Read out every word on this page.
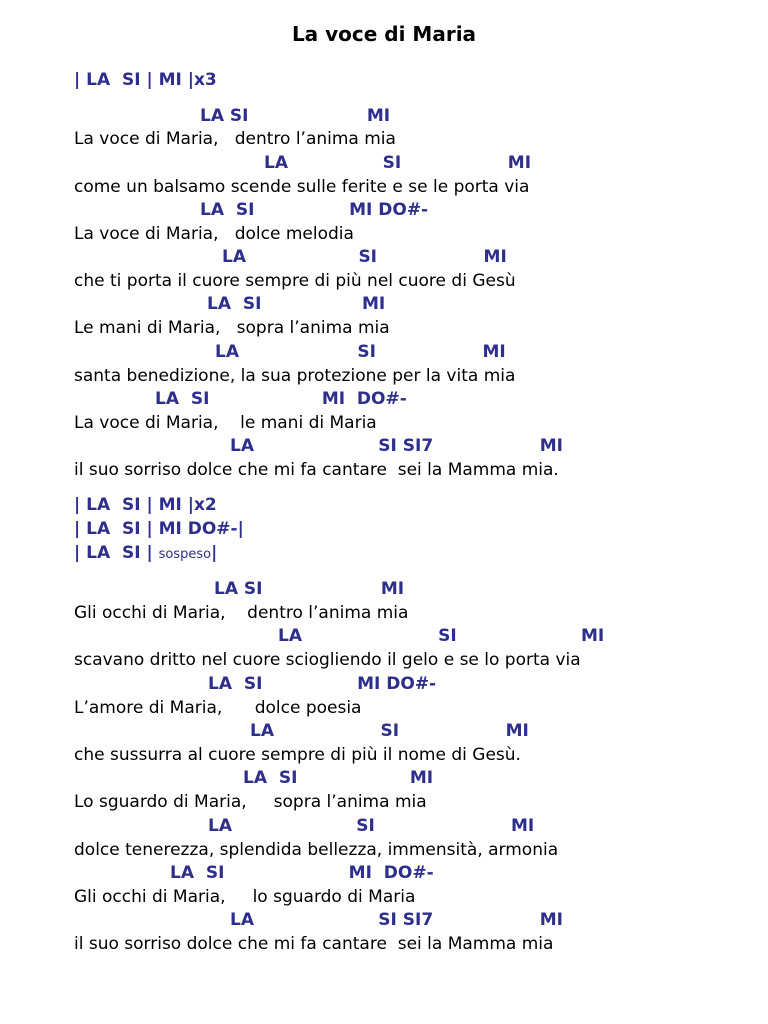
La voce di Maria
| LA  SI | MI |x3
LA SI                    MI
La voce di Maria,   dentro l’anima mia
LA                SI                  MI
come un balsamo scende sulle ferite e se le porta via
LA  SI                MI DO#-
La voce di Maria,   dolce melodia
LA                   SI                  MI
che ti porta il cuore sempre di più nel cuore di Gesù
LA  SI                 MI
Le mani di Maria,   sopra l’anima mia
LA                    SI                  MI
santa benedizione, la sua protezione per la vita mia
LA  SI                   MI  DO#-
La voce di Maria,    le mani di Maria
LA                     SI SI7                  MI
il suo sorriso dolce che mi fa cantare  sei la Mamma mia.
| LA  SI | MI |x2
| LA  SI | MI DO#-|
| LA  SI | sospeso|
LA SI                    MI
Gli occhi di Maria,    dentro l’anima mia
LA                       SI                     MI
scavano dritto nel cuore sciogliendo il gelo e se lo porta via
LA  SI                MI DO#-
L’amore di Maria,      dolce poesia
LA                  SI                  MI
che sussurra al cuore sempre di più il nome di Gesù.
LA  SI                   MI
Lo sguardo di Maria,     sopra l’anima mia
LA                     SI                       MI
dolce tenerezza, splendida bellezza, immensità, armonia
LA  SI                     MI  DO#-
Gli occhi di Maria,     lo sguardo di Maria
LA                     SI SI7                  MI
il suo sorriso dolce che mi fa cantare  sei la Mamma mia
